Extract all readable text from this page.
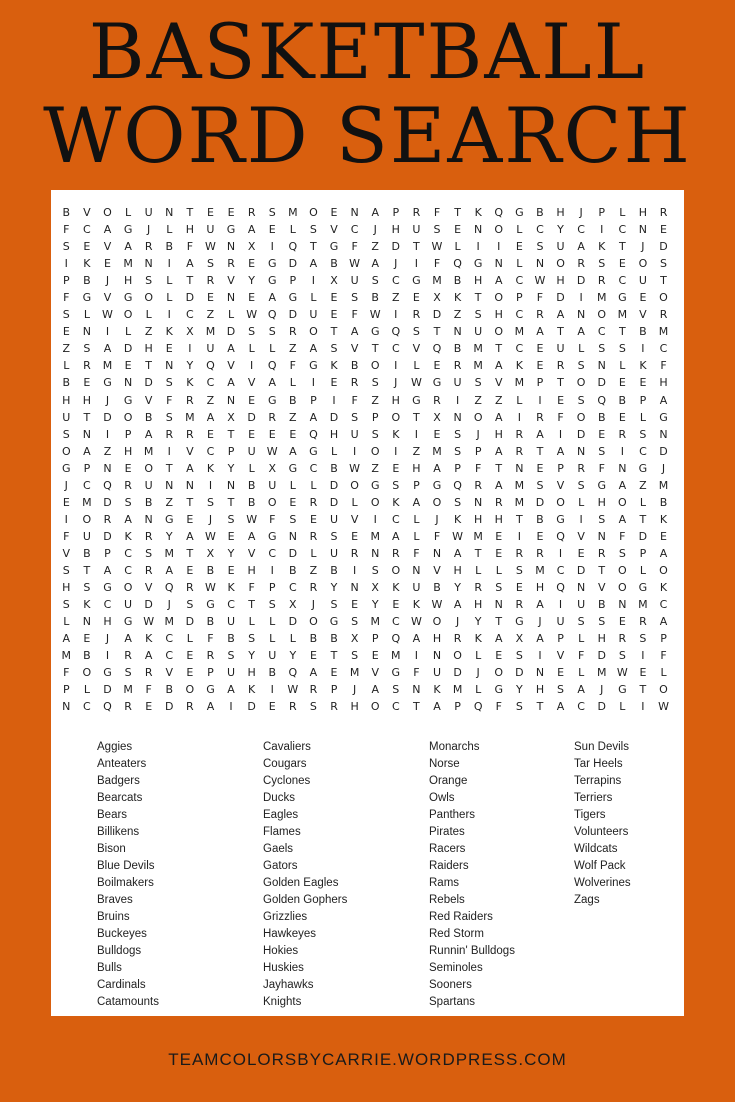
BASKETBALL
WORD SEARCH
B	V	O	L	U	N	T	E	E	R	S	M	O	E	N	A	P	R	F	T	K	Q	G	B	H	J	P	L	H	R
F	C	A	G	J	L	H	U	G	A	E	L	S	V	C	J	H	U	S	E	N	O	L	C	Y	C	I	C	N	E
S	E	V	A	R	B	F	W	N	X	I	Q	T	G	F	Z	D	T	W	L	I	I	E	S	U	A	K	T	J	D
I	K	E	M	N	I	A	S	R	E	G	D	A	B	W	A	J	I	F	Q	G	N	L	N	O	R	S	E	O	S
P	B	J	H	S	L	T	R	V	Y	G	P	I	X	U	S	C	G	M	B	H	A	C	W	H	D	R	C	U	T
F	G	V	G	O	L	D	E	N	E	A	G	L	E	S	B	Z	E	X	K	T	O	P	F	D	I	M	G	E	O
S	L	W O	L	I	C	Z	L	W Q	D	U	E	F	W	I	R	D	Z	S	H	C	R	A	N	O	M	V	R
E	N	I	L	Z	K	X	M	D	S	S	R	O	T	A	G	Q	S	T	N	U	O	M	A	T	A	C	T	B	M
Z	S	A	D	H	E	I	U	A	L	L	Z	A	S	V	T	C	V	Q	B	M	T	C	E	U	L	S	S	I	C
L	R	M	E	T	N	Y	Q	V	I	Q	F	G	K	B	O	I	L	E	R	M	A	K	E	R	S	N	L	K	F
B	E	G	N	D	S	K	C	A	V	A	L	I	E	R	S	J	W G	U	S	V	M	P	T	O	D	E	E	H
H	H	J	G	V	F	R	Z	N	E	G	B	P	I	F	Z	H	G	R	I	Z	Z	L	I	E	S	Q	B	P	A
U	T	D	O	B	S	M	A	X	D	R	Z	A	D	S	P	O	T	X	N	O	A	I	R	F	O	B	E	L	G
S	N	I	P	A	R	R	E	T	E	E	E	Q	H	U	S	K	I	E	S	J	H	R	A	I	D	E	R	S	N
O	A	Z	H	M	I	V	C	P	U	W	A	G	L	I	O	I	Z	M	S	P	A	R	T	A	N	S	I	C	D
G	P	N	E	O	T	A	K	Y	L	X	G	C	B	W	Z	E	H	A	P	F	T	N	E	P	R	F	N	G	J
J	C	Q	R	U	N	N	I	N	B	U	L	L	D	O	G	S	P	G	Q	R	A	M	S	V	S	G	A	Z	M
E	M	D	S	B	Z	T	S	T	B	O	E	R	D	L	O	K	A	O	S	N	R	M	D	O	L	H	O	L	B
I	O	R	A	N	G	E	J	S	W	F	S	E	U	V	I	C	L	J	K	H	H	T	B	G	I	S	A	T	K
F	U	D	K	R	Y	A	W	E	A	G	N	R	S	E	M	A	L	F	W M	E	I	E	Q	V	N	F	D	E
V	B	P	C	S	M	T	X	Y	V	C	D	L	U	R	N	R	F	N	A	T	E	R	R	I	E	R	S	P	A
S	T	A	C	R	A	E	B	E	H	I	B	Z	B	I	S	O	N	V	H	L	L	S	M	C	D	T	O	L	O
H	S	G	O	V	Q	R	W	K	F	P	C	R	Y	N	X	K	U	B	Y	R	S	E	H	Q	N	V	O	G	K
S	K	C	U	D	J	S	G	C	T	S	X	J	S	E	Y	E	K	W	A	H	N	R	A	I	U	B	N	M	C
L	N	H	G W M	D	B	U	L	L	D	O	G	S	M	C	W O	J	Y	T	G	J	U	S	S	E	R	A
A	E	J	A	K	C	L	F	B	S	L	L	B	B	X	P	Q	A	H	R	K	A	X	A	P	L	H	R	S	P
M	B	I	R	A	C	E	R	S	Y	U	Y	E	T	S	E	M	I	N	O	L	E	S	I	V	F	D	S	I	F
F	O	G	S	R	V	E	P	U	H	B	Q	A	E	M	V	G	F	U	D	J	O	D	N	E	L	M W	E	L
P	L	D	M	F	B	O	G	A	K	I	W	R	P	J	A	S	N	K	M	L	G	Y	H	S	A	J	G	T	O
N	C	Q	R	E	D	R	A	I	D	E	R	S	R	H	O	C	T	A	P	Q	F	S	T	A	C	D	L	I	W
Aggies
Anteaters
Badgers
Bearcats
Bears
Billikens
Bison
Blue Devils
Boilmakers
Braves
Bruins
Buckeyes
Bulldogs
Bulls
Cardinals
Catamounts
Cavaliers
Cougars
Cyclones
Ducks
Eagles
Flames
Gaels
Gators
Golden Eagles
Golden Gophers
Grizzlies
Hawkeyes
Hokies
Huskies
Jayhawks
Knights
Monarchs
Norse
Orange
Owls
Panthers
Pirates
Racers
Raiders
Rams
Rebels
Red Raiders
Red Storm
Runnin' Bulldogs
Seminoles
Sooners
Spartans
Sun Devils
Tar Heels
Terrapins
Terriers
Tigers
Volunteers
Wildcats
Wolf Pack
Wolverines
Zags
TEAMCOLORSBYCARRIE.WORDPRESS.COM
